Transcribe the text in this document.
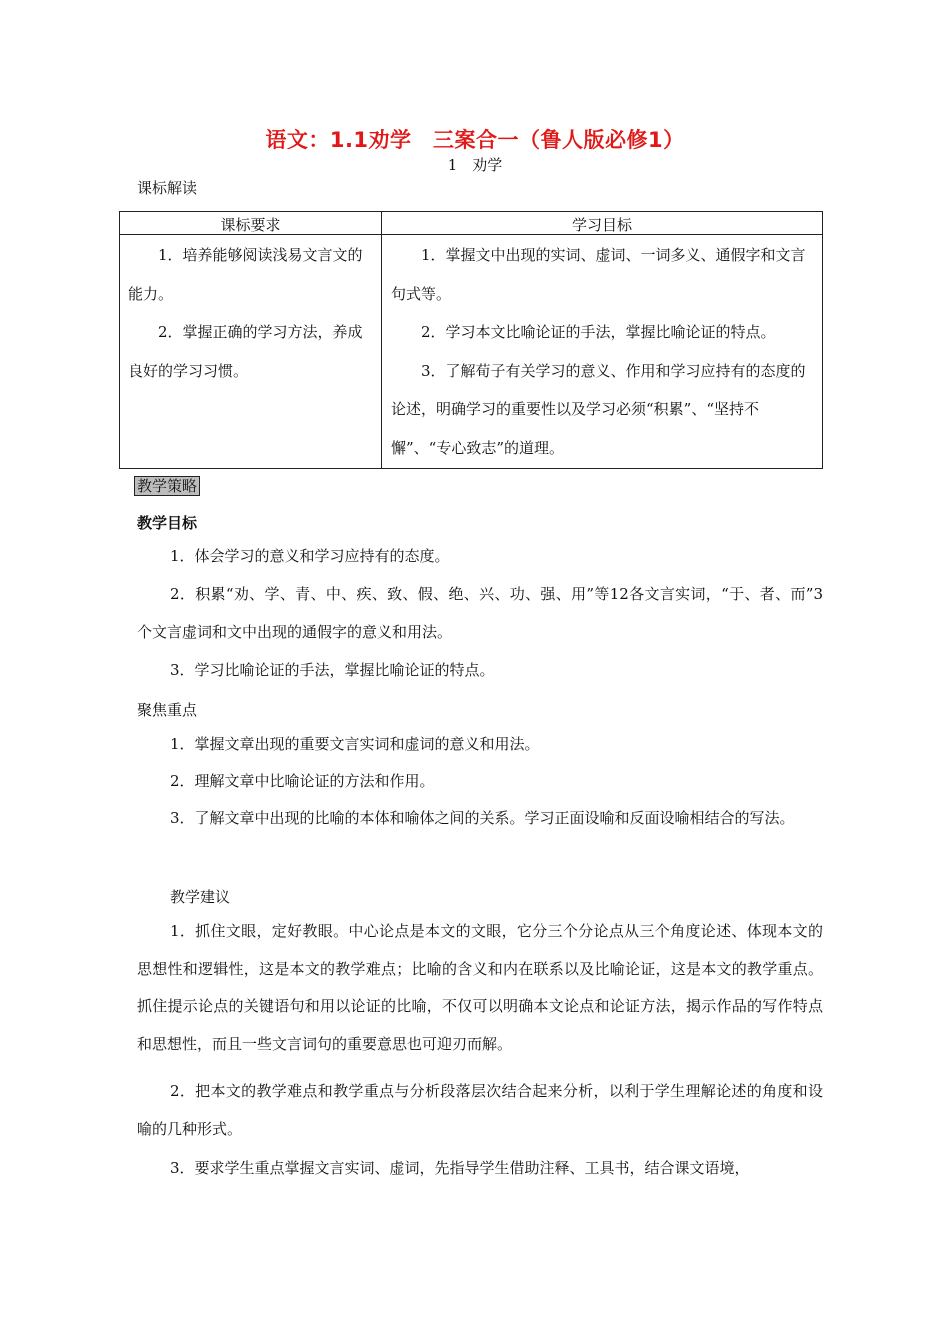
语文：1.1劝学　三案合一（鲁人版必修1）
1　劝学
课标解读
课标要求	学习目标

1．培养能够阅读浅易文言文的能力。

2．掌握正确的学习方法，养成良好的学习习惯。

1．掌握文中出现的实词、虚词、一词多义、通假字和文言句式等。

2．学习本文比喻论证的手法，掌握比喻论证的特点。

3．了解荀子有关学习的意义、作用和学习应持有的态度的论述，明确学习的重要性以及学习必须“积累”、“坚持不懈”、“专心致志”的道理。

教学策略
教学目标
1．体会学习的意义和学习应持有的态度。
2．积累“劝、学、青、中、疾、致、假、绝、兴、功、强、用”等12各文言实词，“于、者、而”3个文言虚词和文中出现的通假字的意义和用法。
3．学习比喻论证的手法，掌握比喻论证的特点。
聚焦重点
1．掌握文章出现的重要文言实词和虚词的意义和用法。
2．理解文章中比喻论证的方法和作用。
3．了解文章中出现的比喻的本体和喻体之间的关系。学习正面设喻和反面设喻相结合的写法。
教学建议
1．抓住文眼，定好教眼。中心论点是本文的文眼，它分三个分论点从三个角度论述、体现本文的思想性和逻辑性，这是本文的教学难点；比喻的含义和内在联系以及比喻论证，这是本文的教学重点。抓住提示论点的关键语句和用以论证的比喻，不仅可以明确本文论点和论证方法，揭示作品的写作特点和思想性，而且一些文言词句的重要意思也可迎刃而解。
2．把本文的教学难点和教学重点与分析段落层次结合起来分析，以利于学生理解论述的角度和设喻的几种形式。
3．要求学生重点掌握文言实词、虚词，先指导学生借助注释、工具书，结合课文语境，
